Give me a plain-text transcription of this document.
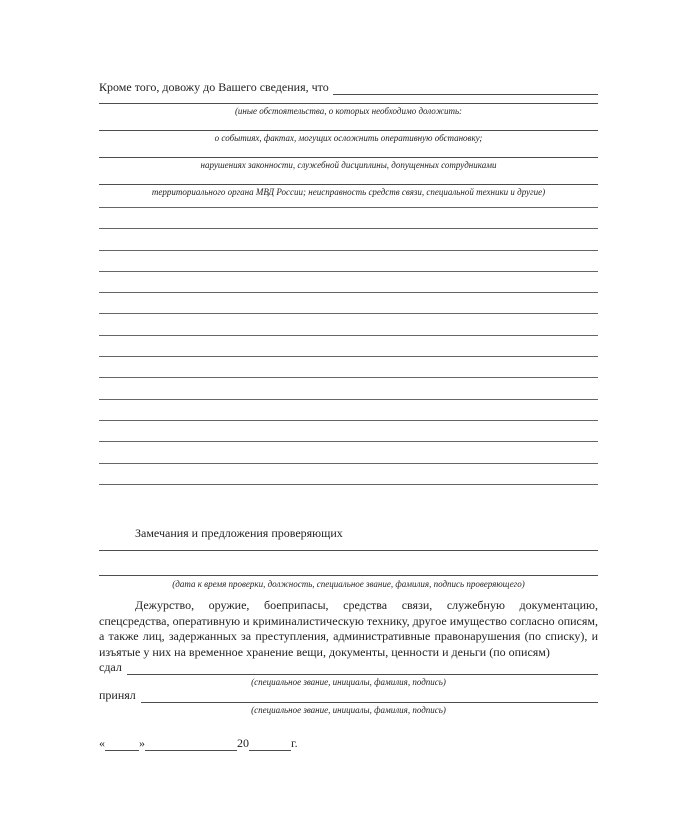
Кроме того, довожу до Вашего сведения, что
(иные обстоятельства, о которых необходимо доложить:
о событиях, фактах, могущих осложнить оперативную обстановку;
нарушениях законности, служебной дисциплины, допущенных сотрудниками
территориального органа МВД России; неисправность средств связи, специальной техники и другие)
Замечания и предложения проверяющих
(дата к время проверки, должность, специальное звание, фамилия, подпись проверяющего)
Дежурство, оружие, боеприпасы, средства связи, служебную документацию, спецсредства, оперативную и криминалистическую технику, другое имущество согласно описям, а также лиц, задержанных за преступления, административные правонарушения (по списку), и изъятые у них на временное хранение вещи, документы, ценности и деньги (по описям)
сдал
(специальное звание, инициалы, фамилия, подпись)
принял
(специальное звание, инициалы, фамилия, подпись)
«	»	20	г.
